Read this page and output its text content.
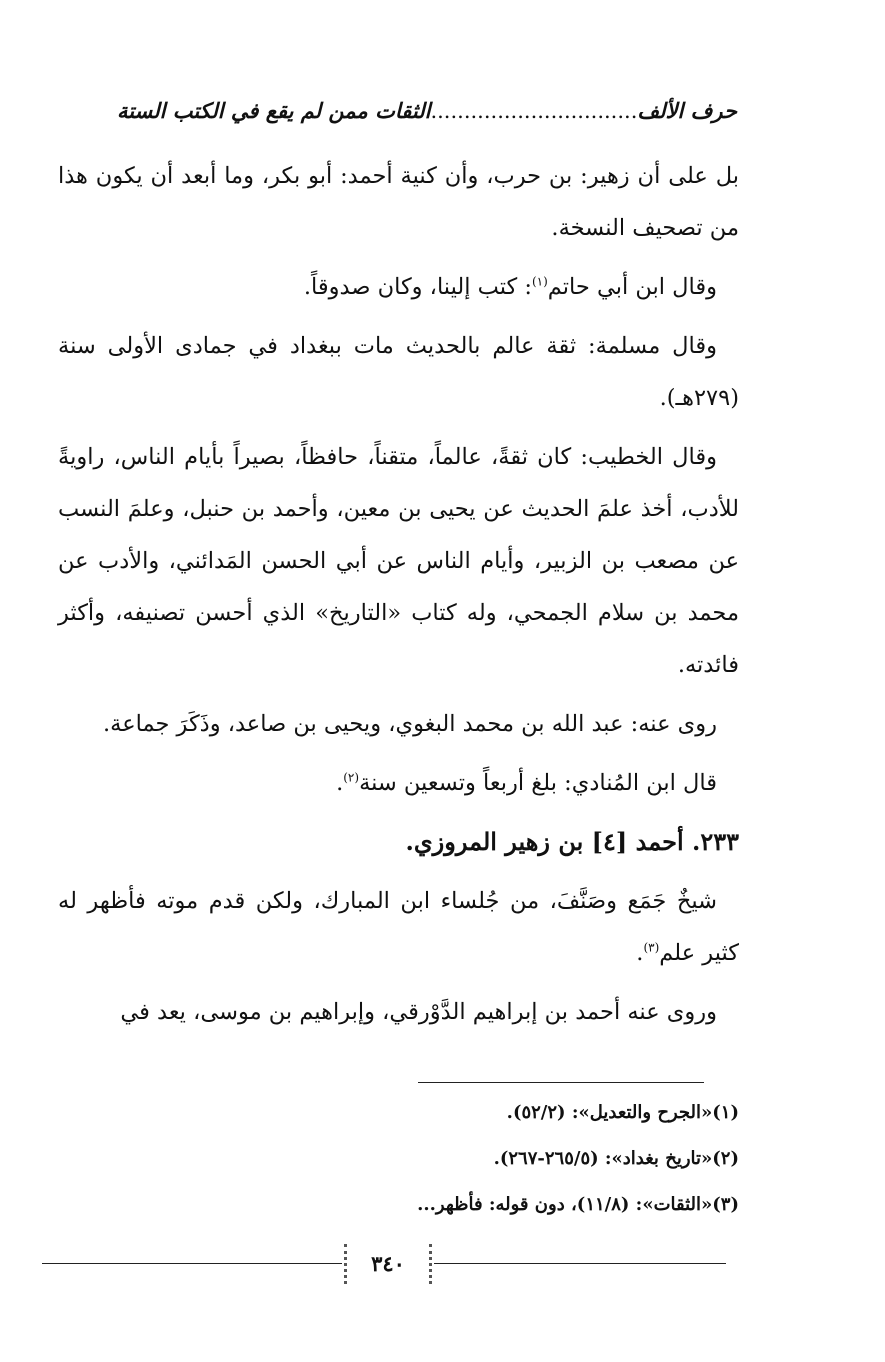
حرف الألف...............................الثقات ممن لم يقع في الكتب الستة

بل على أن زهير: بن حرب، وأن كنية أحمد: أبو بكر، وما أبعد أن يكون هذا من تصحيف النسخة.

وقال ابن أبي حاتم$^{(١)}$: كتب إلينا، وكان صدوقاً.

وقال مسلمة: ثقة عالم بالحديث مات ببغداد في جمادى الأولى سنة (٢٧٩هـ).

وقال الخطيب: كان ثقةً، عالماً، متقناً، حافظاً، بصيراً بأيام الناس، راويةً للأدب، أخذ علمَ الحديث عن يحيى بن معين، وأحمد بن حنبل، وعلمَ النسب عن مصعب بن الزبير، وأيام الناس عن أبي الحسن المَدائني، والأدب عن محمد بن سلام الجمحي، وله كتاب «التاريخ» الذي أحسن تصنيفه، وأكثر فائدته.

روى عنه: عبد الله بن محمد البغوي، ويحيى بن صاعد، وذَكَرَ جماعة.

قال ابن المُنادي: بلغ أربعاً وتسعين سنة$^{(٢)}$.

٢٣٣. أحمد [٤] بن زهير المروزي.

شيخٌ جَمَع وصَنَّفَ، من جُلساء ابن المبارك، ولكن قدم موته فأظهر له كثير علم$^{(٣)}$.

وروى عنه أحمد بن إبراهيم الدَّوْرقي، وإبراهيم بن موسى، يعد في

(١)«الجرح والتعديل»: (٥٢/٢).

(٢)«تاريخ بغداد»: (٢٦٥/٥-٢٦٧).

(٣)«الثقات»: (١١/٨)، دون قوله: فأظهر...

٣٤٠
